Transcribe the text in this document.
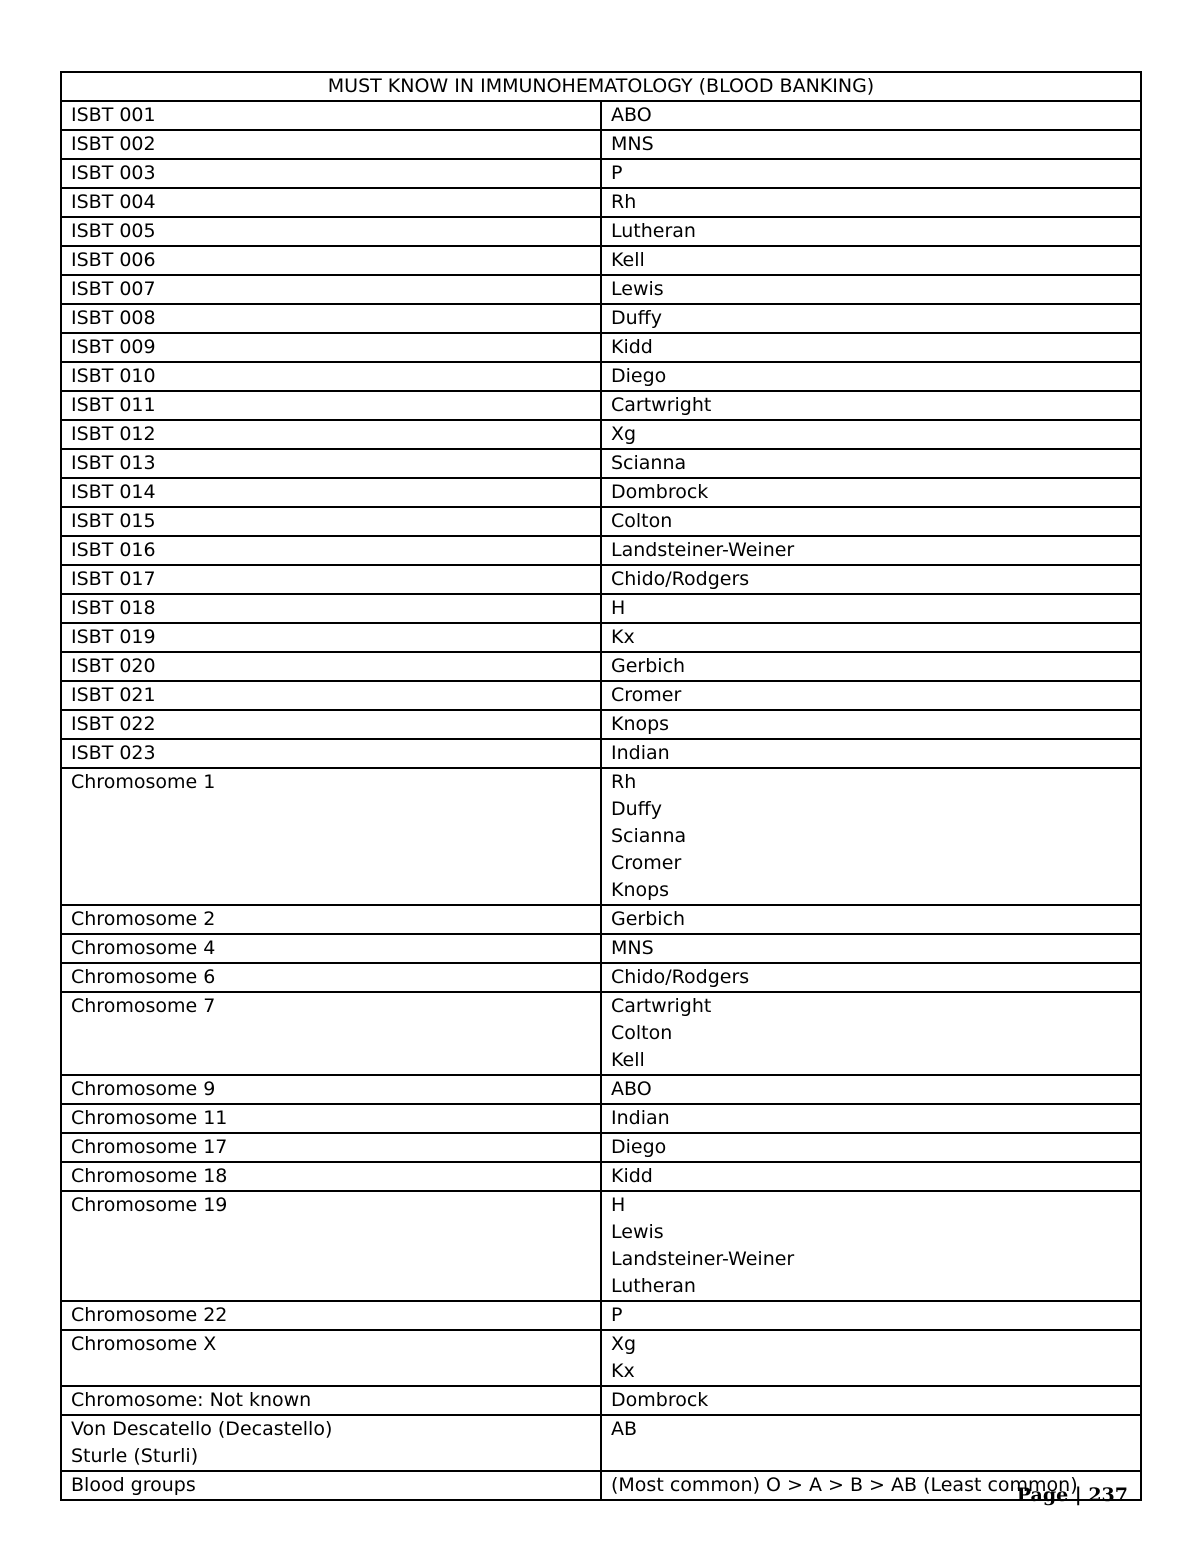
MUST KNOW IN IMMUNOHEMATOLOGY (BLOOD BANKING)	

ISBT 001	ABO

ISBT 002	MNS

ISBT 003	P

ISBT 004	Rh

ISBT 005	Lutheran

ISBT 006	Kell

ISBT 007	Lewis

ISBT 008	Duffy

ISBT 009	Kidd

ISBT 010	Diego

ISBT 011	Cartwright

ISBT 012	Xg

ISBT 013	Scianna

ISBT 014	Dombrock

ISBT 015	Colton

ISBT 016	Landsteiner-Weiner

ISBT 017	Chido/Rodgers

ISBT 018	H

ISBT 019	Kx

ISBT 020	Gerbich

ISBT 021	Cromer

ISBT 022	Knops

ISBT 023	Indian

Chromosome 1	Rh
Duffy
Scianna
Cromer
Knops

Chromosome 2	Gerbich

Chromosome 4	MNS

Chromosome 6	Chido/Rodgers

Chromosome 7	Cartwright
Colton
Kell

Chromosome 9	ABO

Chromosome 11	Indian

Chromosome 17	Diego

Chromosome 18	Kidd

Chromosome 19	H
Lewis
Landsteiner-Weiner
Lutheran

Chromosome 22	P

Chromosome X	Xg
Kx

Chromosome: Not known	Dombrock

Von Descatello (Decastello)
Sturle (Sturli)	AB

Blood groups	(Most common) O > A > B > AB (Least common)
Page | 237
